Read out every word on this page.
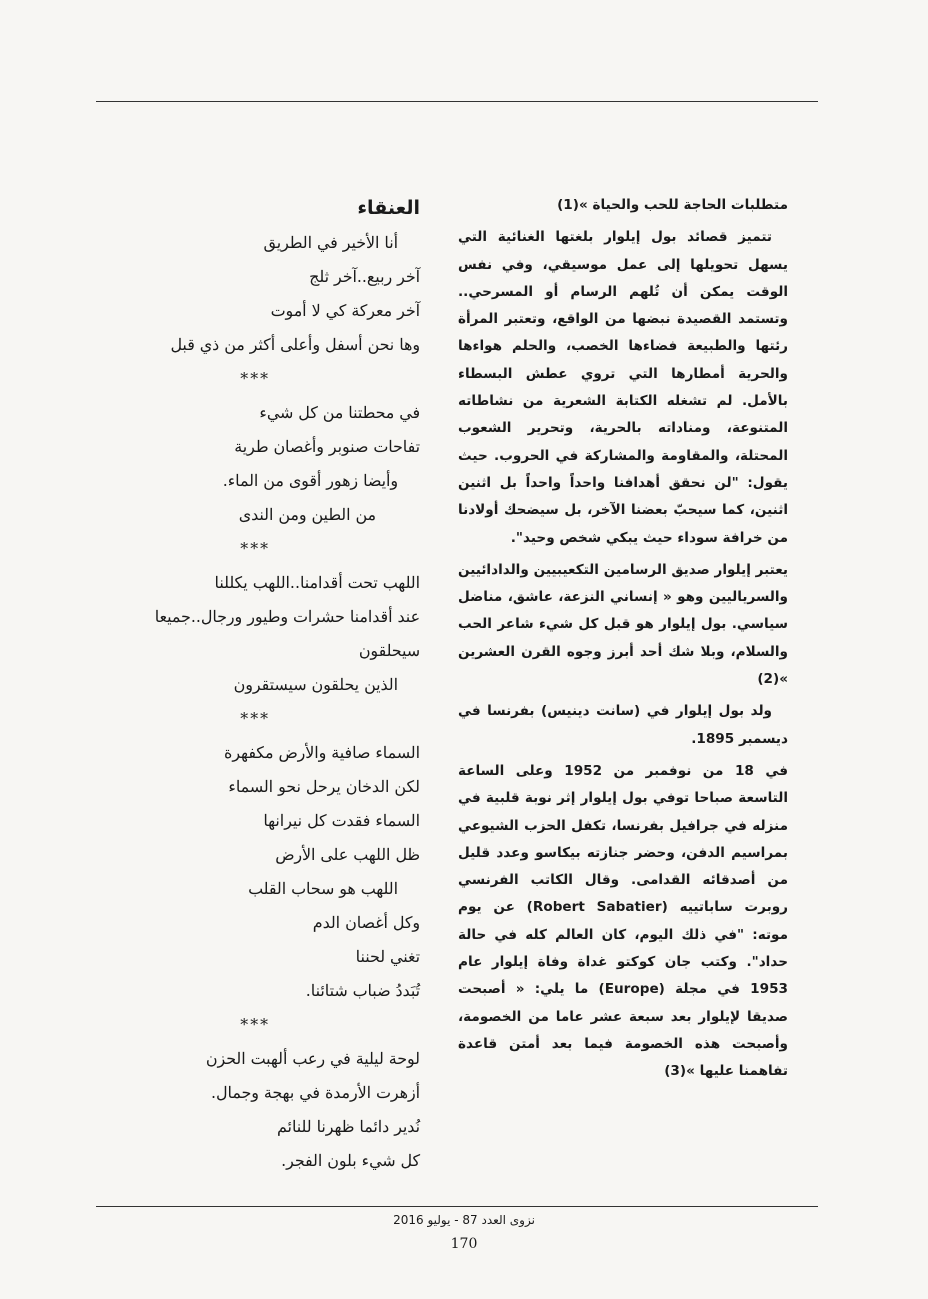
متطلبات الحاجة للحب والحياة »(1)

تتميز قصائد بول إيلوار بلغتها الغنائية التي يسهل تحويلها إلى عمل موسيقي، وفي نفس الوقت يمكن أن تُلهم الرسام أو المسرحي.. وتستمد القصيدة نبضها من الواقع، وتعتبر المرأة رئتها والطبيعة فضاءها الخصب، والحلم هواءها والحرية أمطارها التي تروي عطش البسطاء بالأمل. لم تشغله الكتابة الشعرية من نشاطاته المتنوعة، ومناداته بالحرية، وتحرير الشعوب المحتلة، والمقاومة والمشاركة في الحروب. حيث يقول: "لن نحقق أهدافنا واحداً واحداً بل اثنين اثنين، كما سيحبّ بعضنا الآخر، بل سيضحك أولادنا من خرافة سوداء حيث يبكي شخص وحيد".

يعتبر إيلوار صديق الرسامين التكعيبيين والدادائيين والسرياليين وهو « إنساني النزعة، عاشق، مناضل سياسي. بول إيلوار هو قبل كل شيء شاعر الحب والسلام، وبلا شك أحد أبرز وجوه القرن العشرين »(2)

ولد بول إيلوار في (سانت دينيس) بفرنسا في ديسمبر 1895.

في 18 من نوفمبر من 1952 وعلى الساعة التاسعة صباحا توفي بول إيلوار إثر نوبة قلبية في منزله في جرافيل بفرنسا، تكفل الحزب الشيوعي بمراسيم الدفن، وحضر جنازته بيكاسو وعدد قليل من أصدقائه القدامى. وقال الكاتب الفرنسي روبرت ساباتييه (Robert Sabatier) عن يوم موته: "في ذلك اليوم، كان العالم كله في حالة حداد". وكتب جان كوكتو غداة وفاة إيلوار عام 1953 في مجلة (Europe) ما يلي: « أصبحت صديقا لإيلوار بعد سبعة عشر عاما من الخصومة، وأصبحت هذه الخصومة فيما بعد أمتن قاعدة تفاهمنا عليها »(3)

العنقاء
أنا الأخير في الطريق
آخر ربيع..آخر ثلج
آخر معركة كي لا أموت
وها نحن أسفل وأعلى أكثر من ذي قبل
***
في محطتنا من كل شيء
تفاحات صنوبر وأغصان طرية
وأيضا زهور أقوى من الماء.
من الطين ومن الندى
***
اللهب تحت أقدامنا..اللهب يكللنا
عند أقدامنا حشرات وطيور ورجال..جميعا
سيحلقون
الذين يحلقون سيستقرون
***
السماء صافية والأرض مكفهرة
لكن الدخان يرحل نحو السماء
السماء فقدت كل نيرانها
ظل اللهب على الأرض
اللهب هو سحاب القلب
وكل أغصان الدم
تغني لحننا
تُبَددُ ضباب شتائنا.
***
لوحة ليلية في رعب ألهبت الحزن
أزهرت الأرمدة في بهجة وجمال.
نُدير دائما ظهرنا للنائم
كل شيء بلون الفجر.
نزوى العدد 87 - يوليو 2016
170
